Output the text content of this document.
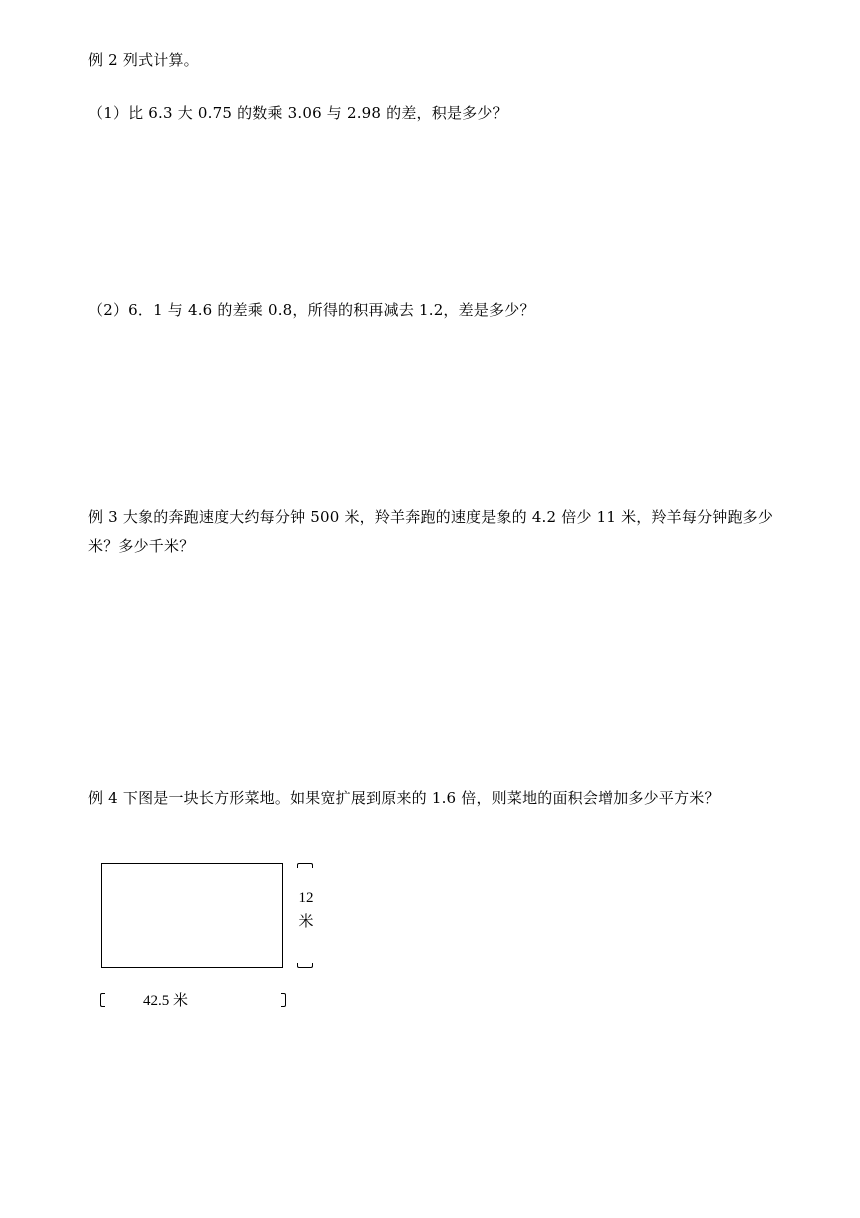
例 2 列式计算。
（1）比 6.3 大 0.75 的数乘 3.06 与 2.98 的差，积是多少？
（2）6．1 与 4.6 的差乘 0.8，所得的积再减去 1.2，差是多少？
例 3 大象的奔跑速度大约每分钟 500 米，羚羊奔跑的速度是象的 4.2 倍少 11 米，羚羊每分钟跑多少米？多少千米？
例 4 下图是一块长方形菜地。如果宽扩展到原来的 1.6 倍，则菜地的面积会增加多少平方米？
12
米
42.5 米
